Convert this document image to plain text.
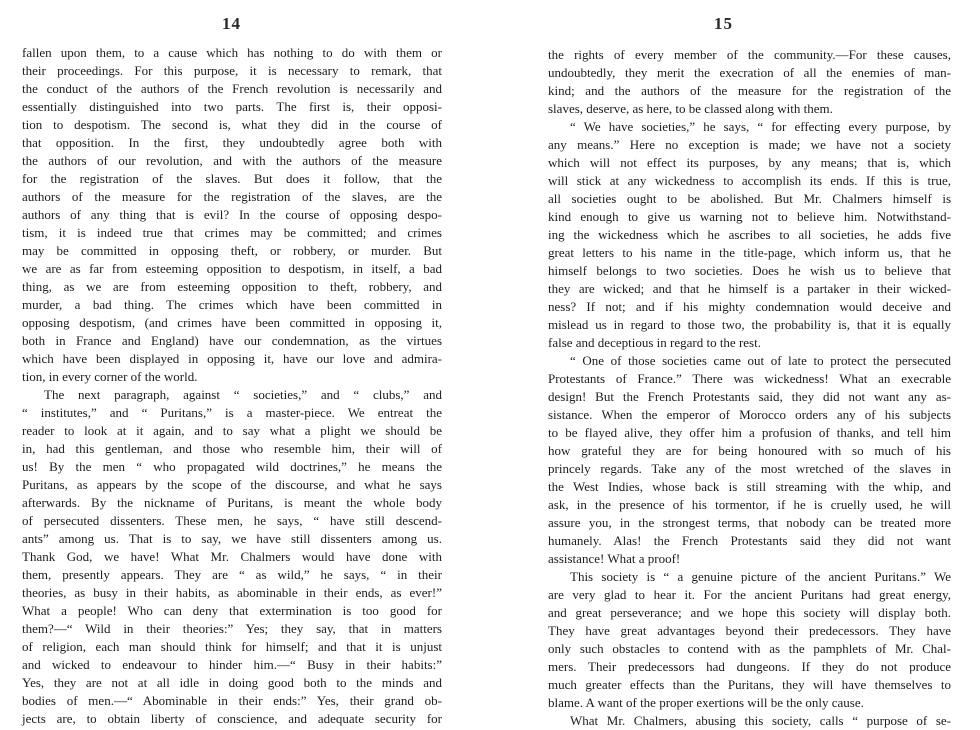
14

fallen upon them, to a cause which has nothing to do with them or

their proceedings. For this purpose, it is necessary to remark, that

the conduct of the authors of the French revolution is necessarily and

essentially distinguished into two parts. The first is, their opposi-

tion to despotism. The second is, what they did in the course of

that opposition. In the first, they undoubtedly agree both with

the authors of our revolution, and with the authors of the measure

for the registration of the slaves. But does it follow, that the

authors of the measure for the registration of the slaves, are the

authors of any thing that is evil? In the course of opposing despo-

tism, it is indeed true that crimes may be committed; and crimes

may be committed in opposing theft, or robbery, or murder. But

we are as far from esteeming opposition to despotism, in itself, a bad

thing, as we are from esteeming opposition to theft, robbery, and

murder, a bad thing. The crimes which have been committed in

opposing despotism, (and crimes have been committed in opposing it,

both in France and England) have our condemnation, as the virtues

which have been displayed in opposing it, have our love and admira-

tion, in every corner of the world.

The next paragraph, against “ societies,” and “ clubs,” and

“ institutes,” and “ Puritans,” is a master-piece. We entreat the

reader to look at it again, and to say what a plight we should be

in, had this gentleman, and those who resemble him, their will of

us! By the men “ who propagated wild doctrines,” he means the

Puritans, as appears by the scope of the discourse, and what he says

afterwards. By the nickname of Puritans, is meant the whole body

of persecuted dissenters. These men, he says, “ have still descend-

ants” among us. That is to say, we have still dissenters among us.

Thank God, we have! What Mr. Chalmers would have done with

them, presently appears. They are “ as wild,” he says, “ in their

theories, as busy in their habits, as abominable in their ends, as ever!”

What a people! Who can deny that extermination is too good for

them?—“ Wild in their theories:” Yes; they say, that in matters

of religion, each man should think for himself; and that it is unjust

and wicked to endeavour to hinder him.—“ Busy in their habits:”

Yes, they are not at all idle in doing good both to the minds and

bodies of men.—“ Abominable in their ends:” Yes, their grand ob-

jects are, to obtain liberty of conscience, and adequate security for

15

the rights of every member of the community.—For these causes,

undoubtedly, they merit the execration of all the enemies of man-

kind; and the authors of the measure for the registration of the

slaves, deserve, as here, to be classed along with them.

“ We have societies,” he says, “ for effecting every purpose, by

any means.” Here no exception is made; we have not a society

which will not effect its purposes, by any means; that is, which

will stick at any wickedness to accomplish its ends. If this is true,

all societies ought to be abolished. But Mr. Chalmers himself is

kind enough to give us warning not to believe him. Notwithstand-

ing the wickedness which he ascribes to all societies, he adds five

great letters to his name in the title-page, which inform us, that he

himself belongs to two societies. Does he wish us to believe that

they are wicked; and that he himself is a partaker in their wicked-

ness? If not; and if his mighty condemnation would deceive and

mislead us in regard to those two, the probability is, that it is equally

false and deceptious in regard to the rest.

“ One of those societies came out of late to protect the persecuted

Protestants of France.” There was wickedness! What an execrable

design! But the French Protestants said, they did not want any as-

sistance. When the emperor of Morocco orders any of his subjects

to be flayed alive, they offer him a profusion of thanks, and tell him

how grateful they are for being honoured with so much of his

princely regards. Take any of the most wretched of the slaves in

the West Indies, whose back is still streaming with the whip, and

ask, in the presence of his tormentor, if he is cruelly used, he will

assure you, in the strongest terms, that nobody can be treated more

humanely. Alas! the French Protestants said they did not want

assistance! What a proof!

This society is “ a genuine picture of the ancient Puritans.” We

are very glad to hear it. For the ancient Puritans had great energy,

and great perseverance; and we hope this society will display both.

They have great advantages beyond their predecessors. They have

only such obstacles to contend with as the pamphlets of Mr. Chal-

mers. Their predecessors had dungeons. If they do not produce

much greater effects than the Puritans, they will have themselves to

blame. A want of the proper exertions will be the only cause.

What Mr. Chalmers, abusing this society, calls “ purpose of se-
